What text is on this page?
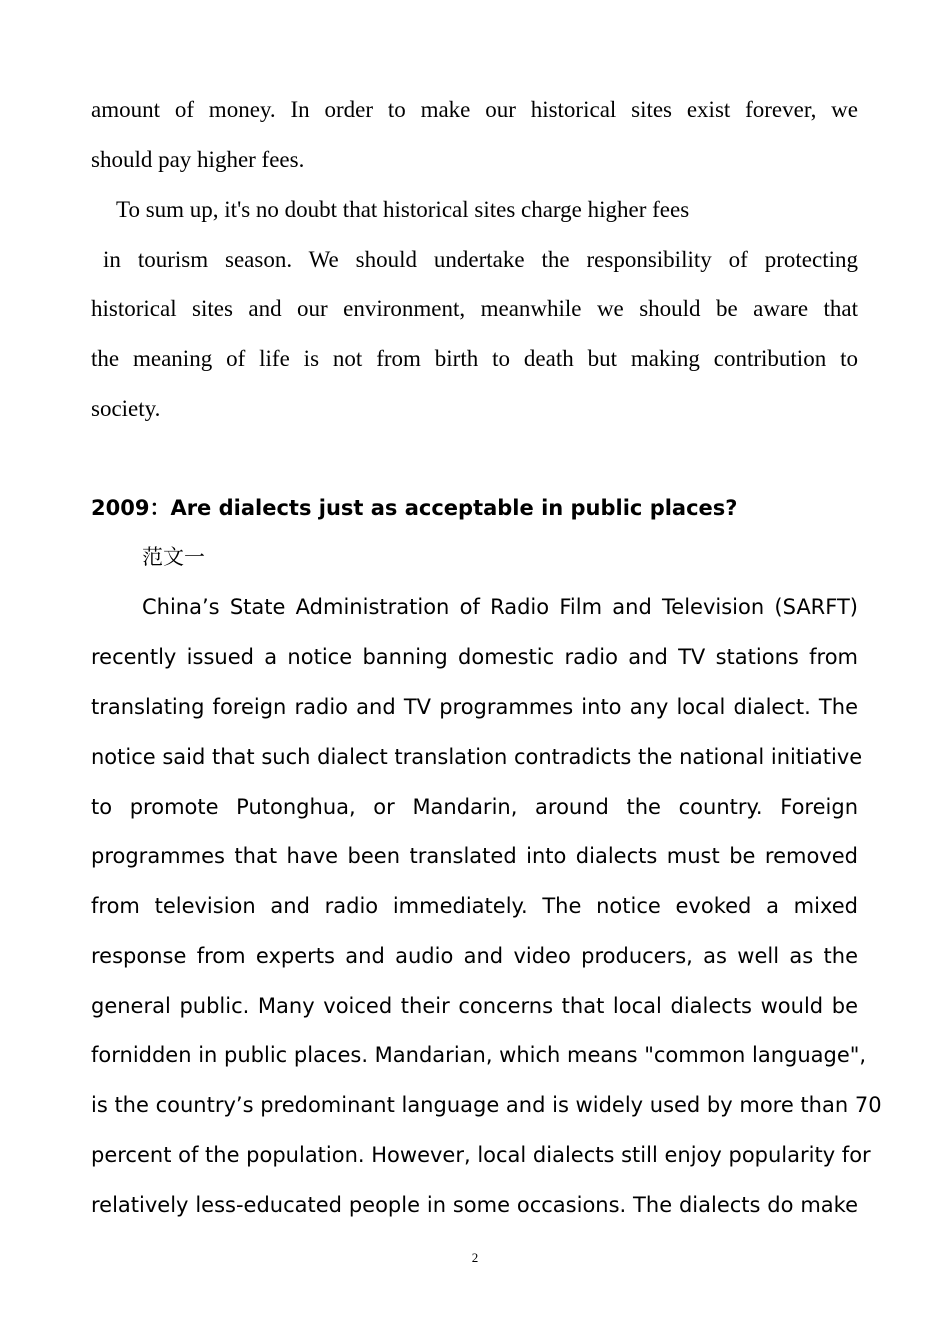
amount of money. In order to make our historical sites exist forever, we
should pay higher fees.
To sum up, it's no doubt that historical sites charge higher fees
in tourism season. We should undertake the responsibility of protecting
historical sites and our environment, meanwhile we should be aware that
the meaning of life is not from birth to death but making contribution to
society.
2009：Are dialects just as acceptable in public places?
范文一
China’s State Administration of Radio Film and Television (SARFT)
recently issued a notice banning domestic radio and TV stations from
translating foreign radio and TV programmes into any local dialect. The
notice said that such dialect translation contradicts the national initiative
to promote Putonghua, or Mandarin, around the country. Foreign
programmes that have been translated into dialects must be removed
from television and radio immediately. The notice evoked a mixed
response from experts and audio and video producers, as well as the
general public. Many voiced their concerns that local dialects would be
fornidden in public places. Mandarian, which means "common language",
is the country’s predominant language and is widely used by more than 70
percent of the population. However, local dialects still enjoy popularity for
relatively less-educated people in some occasions. The dialects do make
2
